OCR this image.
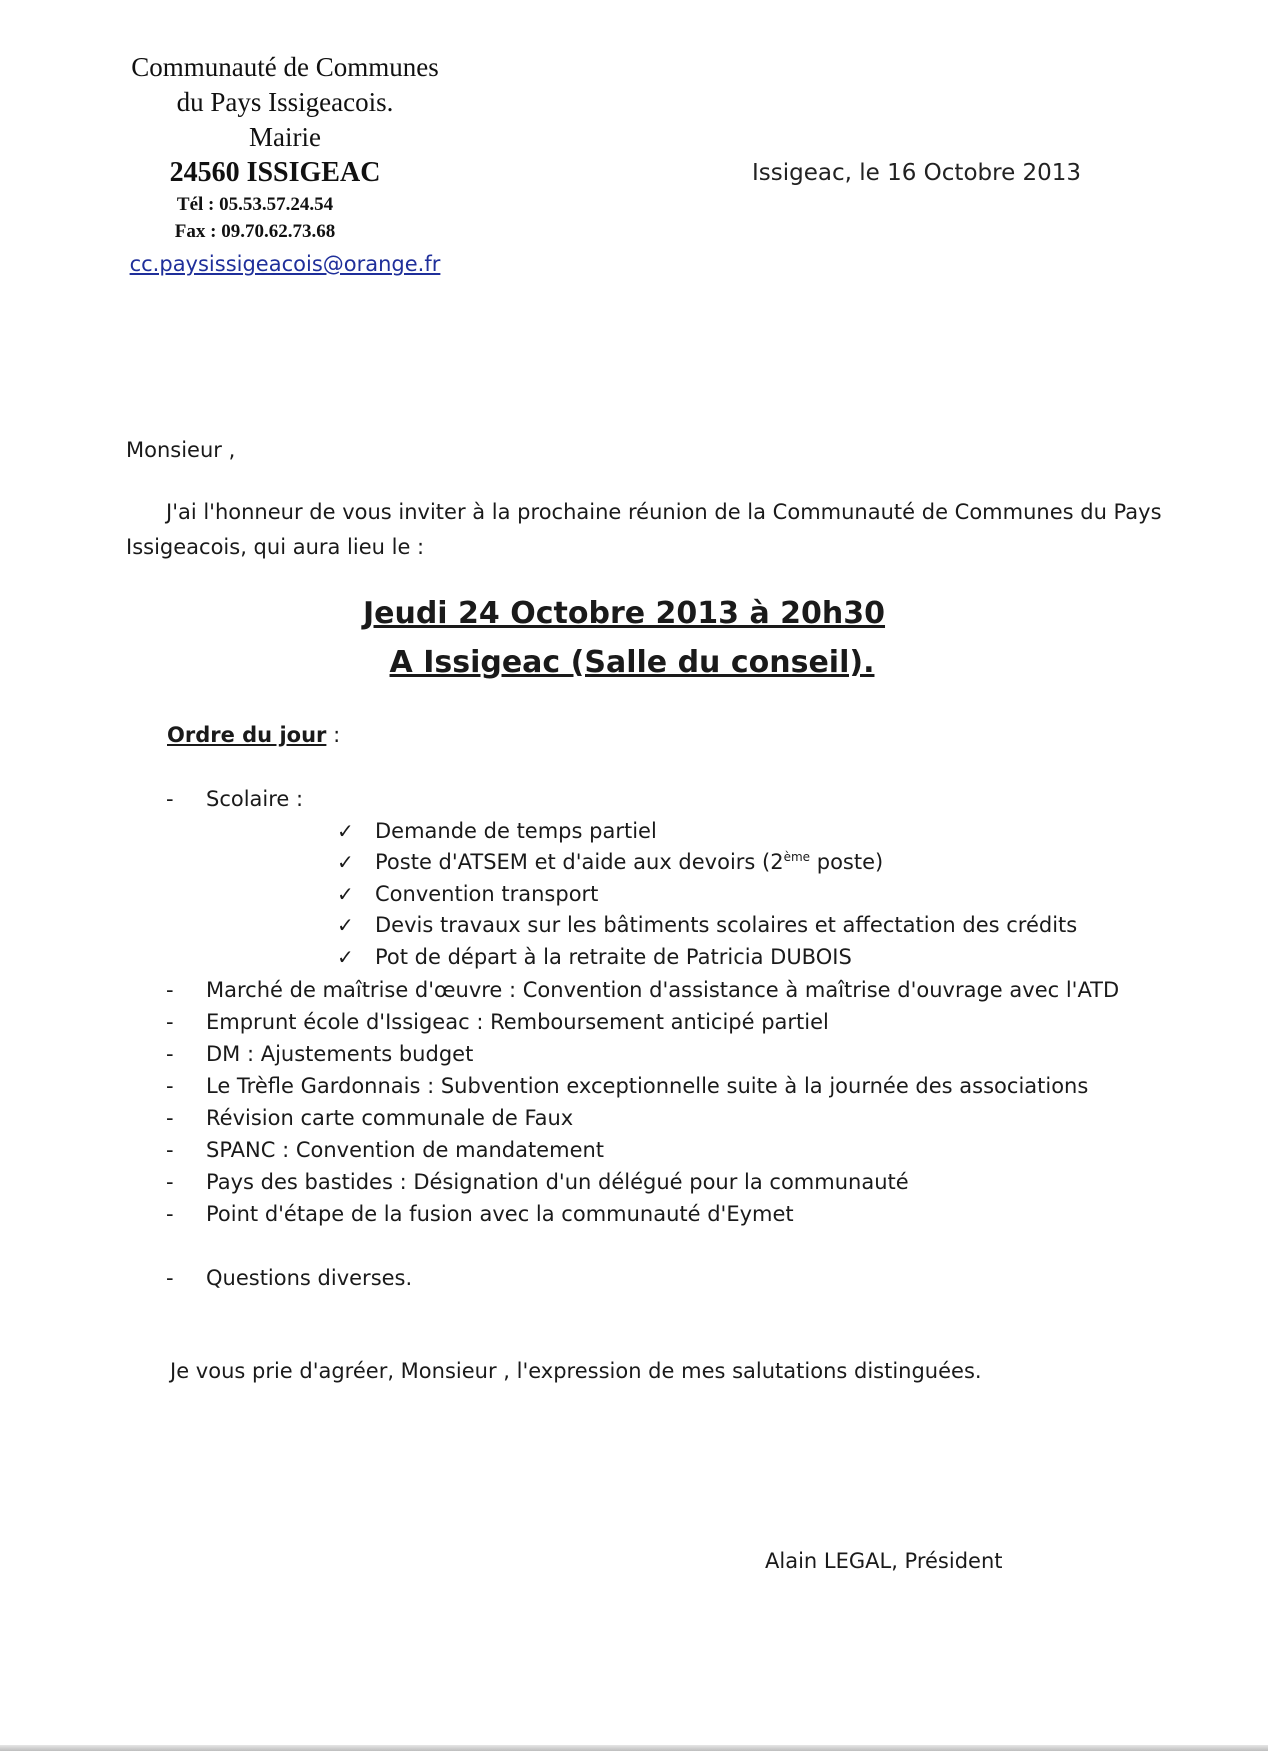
Communauté de Communes
du Pays Issigeacois.
Mairie
24560 ISSIGEAC
Tél : 05.53.57.24.54
Fax : 09.70.62.73.68
cc.paysissigeacois@orange.fr
Issigeac, le 16 Octobre 2013
Monsieur ,
J'ai l'honneur de vous inviter à la prochaine réunion de la Communauté de Communes du Pays Issigeacois, qui aura lieu le :
Jeudi 24 Octobre 2013 à 20h30
A Issigeac (Salle du conseil).
Ordre du jour :
- Scolaire :
✓ Demande de temps partiel
✓ Poste d'ATSEM et d'aide aux devoirs (2ème poste)
✓ Convention transport
✓ Devis travaux sur les bâtiments scolaires et affectation des crédits
✓ Pot de départ à la retraite de Patricia DUBOIS
- Marché de maîtrise d'œuvre : Convention d'assistance à maîtrise d'ouvrage avec l'ATD
- Emprunt école d'Issigeac : Remboursement anticipé partiel
- DM : Ajustements budget
- Le Trèfle Gardonnais : Subvention exceptionnelle suite à la journée des associations
- Révision carte communale de Faux
- SPANC : Convention de mandatement
- Pays des bastides : Désignation d'un délégué pour la communauté
- Point d'étape de la fusion avec la communauté d'Eymet
- Questions diverses.
Je vous prie d'agréer, Monsieur , l'expression de mes salutations distinguées.
Alain LEGAL, Président
